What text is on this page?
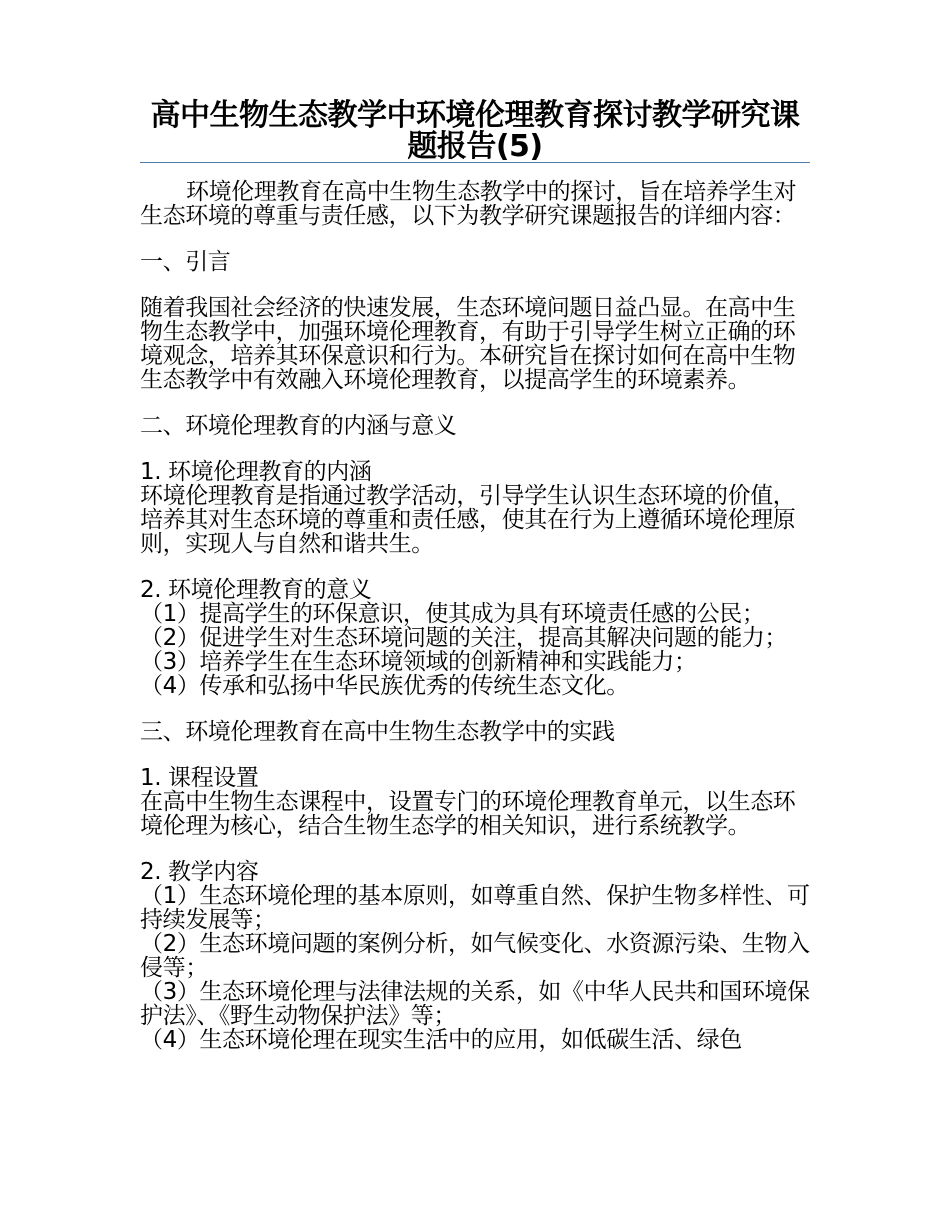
高中生物生态教学中环境伦理教育探讨教学研究课题报告(5)

环境伦理教育在高中生物生态教学中的探讨，旨在培养学生对生态环境的尊重与责任感，以下为教学研究课题报告的详细内容：

一、引言

随着我国社会经济的快速发展，生态环境问题日益凸显。在高中生物生态教学中，加强环境伦理教育，有助于引导学生树立正确的环境观念，培养其环保意识和行为。本研究旨在探讨如何在高中生物生态教学中有效融入环境伦理教育，以提高学生的环境素养。

二、环境伦理教育的内涵与意义

1. 环境伦理教育的内涵

环境伦理教育是指通过教学活动，引导学生认识生态环境的价值，培养其对生态环境的尊重和责任感，使其在行为上遵循环境伦理原则，实现人与自然和谐共生。

2. 环境伦理教育的意义

（1）提高学生的环保意识，使其成为具有环境责任感的公民；

（2）促进学生对生态环境问题的关注，提高其解决问题的能力；

（3）培养学生在生态环境领域的创新精神和实践能力；

（4）传承和弘扬中华民族优秀的传统生态文化。

三、环境伦理教育在高中生物生态教学中的实践

1. 课程设置

在高中生物生态课程中，设置专门的环境伦理教育单元，以生态环境伦理为核心，结合生物生态学的相关知识，进行系统教学。

2. 教学内容

（1）生态环境伦理的基本原则，如尊重自然、保护生物多样性、可持续发展等；

（2）生态环境问题的案例分析，如气候变化、水资源污染、生物入侵等；

（3）生态环境伦理与法律法规的关系，如《中华人民共和国环境保护法》、《野生动物保护法》等；

（4）生态环境伦理在现实生活中的应用，如低碳生活、绿色
